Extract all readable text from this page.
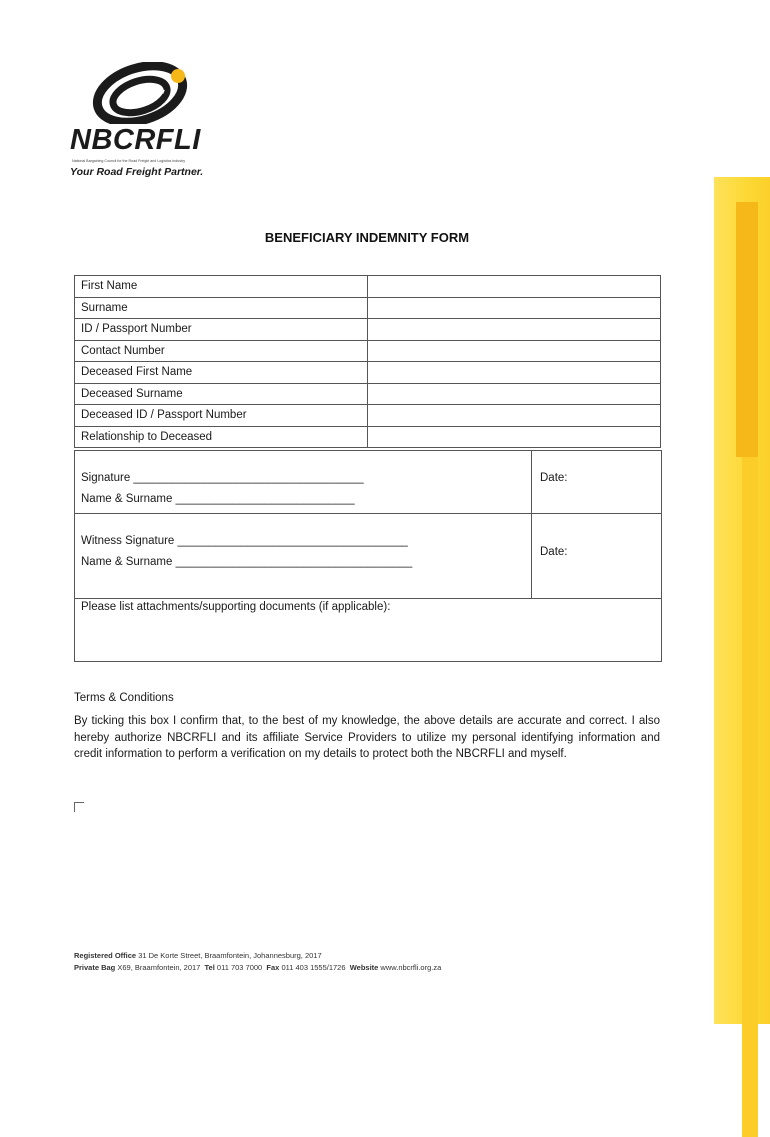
NBCRFLI
National Bargaining Council for the Road Freight and Logistics Industry
Your Road Freight Partner.
BENEFICIARY INDEMNITY FORM
First Name	
Surname	
ID / Passport Number	
Contact Number	
Deceased First Name	
Deceased Surname	
Deceased ID / Passport Number	
Relationship to Deceased	
Signature ____________________________________
Name & Surname ____________________________
Date:
Witness Signature ____________________________________
Name & Surname _____________________________________
Date:
Please list attachments/supporting documents (if applicable):
Terms & Conditions
By ticking this box I confirm that, to the best of my knowledge, the above details are accurate and correct. I also hereby authorize NBCRFLI and its affiliate Service Providers to utilize my personal identifying information and credit information to perform a verification on my details to protect both the NBCRFLI and myself.
Registered Office 31 De Korte Street, Braamfontein, Johannesburg, 2017
Private Bag X69, Braamfontein, 2017 Tel 011 703 7000 Fax 011 403 1555/1726 Website www.nbcrfli.org.za
